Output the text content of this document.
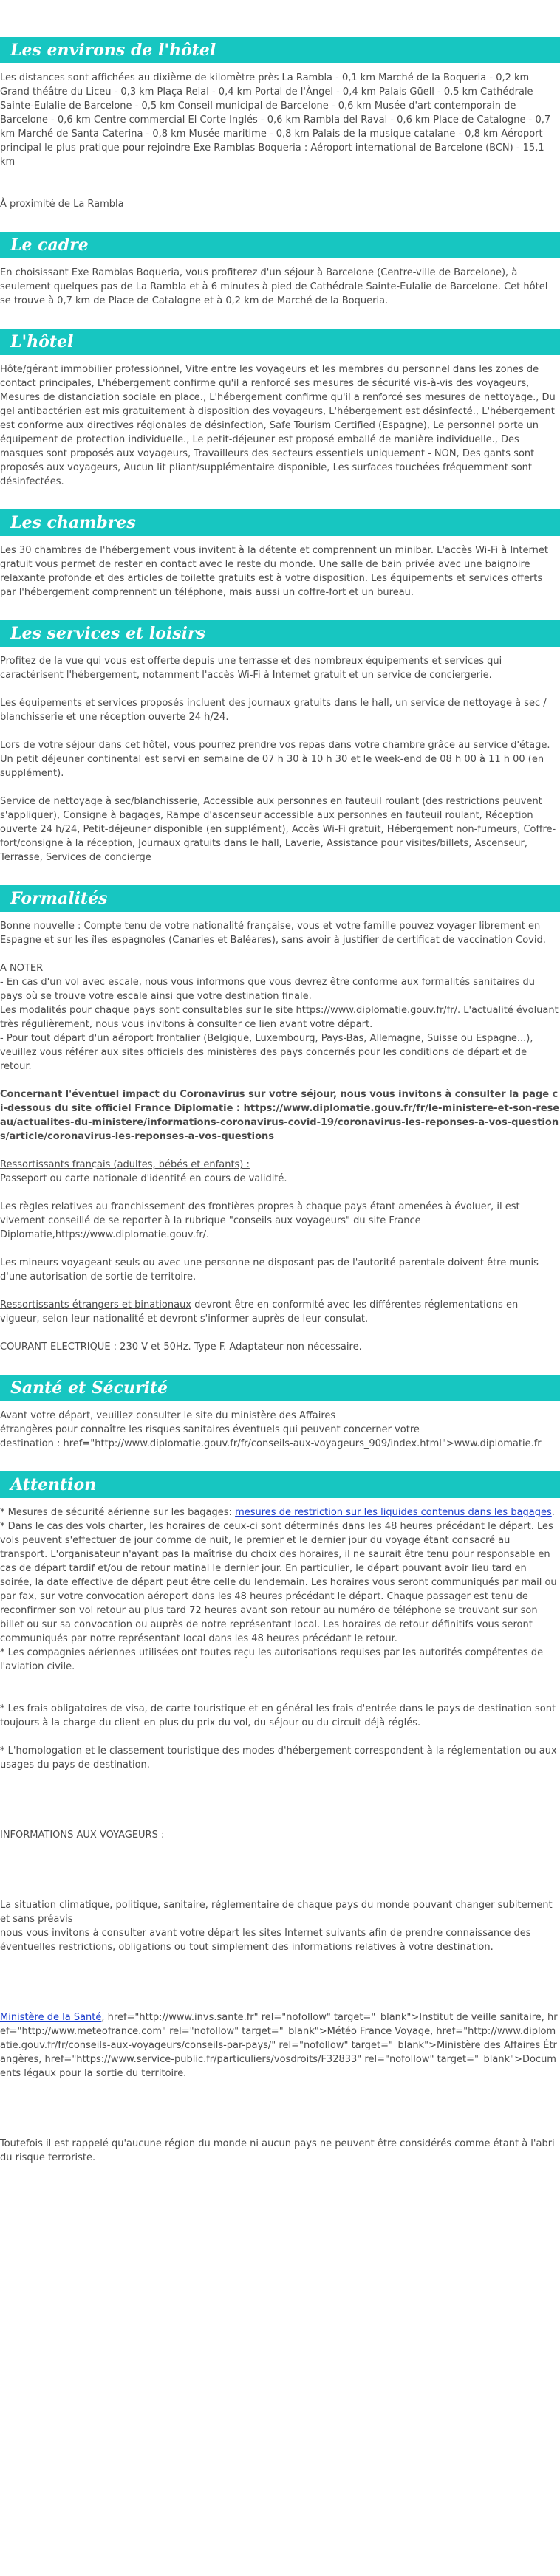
Les environs de l'hôtel

Les distances sont affichées au dixième de kilomètre près La Rambla - 0,1 km Marché de la Boqueria - 0,2 km Grand théâtre du Liceu - 0,3 km Plaça Reial - 0,4 km Portal de l'Àngel - 0,4 km Palais Güell - 0,5 km Cathédrale Sainte-Eulalie de Barcelone - 0,5 km Conseil municipal de Barcelone - 0,6 km Musée d'art contemporain de Barcelone - 0,6 km Centre commercial El Corte Inglés - 0,6 km Rambla del Raval - 0,6 km Place de Catalogne - 0,7 km Marché de Santa Caterina - 0,8 km Musée maritime - 0,8 km Palais de la musique catalane - 0,8 km Aéroport principal le plus pratique pour rejoindre Exe Ramblas Boqueria : Aéroport international de Barcelone (BCN) - 15,1 km

À proximité de La Rambla

Le cadre

En choisissant Exe Ramblas Boqueria, vous profiterez d'un séjour à Barcelone (Centre-ville de Barcelone), à seulement quelques pas de La Rambla et à 6 minutes à pied de Cathédrale Sainte-Eulalie de Barcelone. Cet hôtel se trouve à 0,7 km de Place de Catalogne et à 0,2 km de Marché de la Boqueria.

L'hôtel

Hôte/gérant immobilier professionnel, Vitre entre les voyageurs et les membres du personnel dans les zones de contact principales, L'hébergement confirme qu'il a renforcé ses mesures de sécurité vis-à-vis des voyageurs, Mesures de distanciation sociale en place., L'hébergement confirme qu'il a renforcé ses mesures de nettoyage., Du gel antibactérien est mis gratuitement à disposition des voyageurs, L'hébergement est désinfecté., L'hébergement est conforme aux directives régionales de désinfection, Safe Tourism Certified (Espagne), Le personnel porte un équipement de protection individuelle., Le petit-déjeuner est proposé emballé de manière individuelle., Des masques sont proposés aux voyageurs, Travailleurs des secteurs essentiels uniquement - NON, Des gants sont proposés aux voyageurs, Aucun lit pliant/supplémentaire disponible, Les surfaces touchées fréquemment sont désinfectées.

Les chambres

Les 30 chambres de l'hébergement vous invitent à la détente et comprennent un minibar. L'accès Wi-Fi à Internet gratuit vous permet de rester en contact avec le reste du monde. Une salle de bain privée avec une baignoire relaxante profonde et des articles de toilette gratuits est à votre disposition. Les équipements et services offerts par l'hébergement comprennent un téléphone, mais aussi un coffre-fort et un bureau.

Les services et loisirs

Profitez de la vue qui vous est offerte depuis une terrasse et des nombreux équipements et services qui caractérisent l'hébergement, notamment l'accès Wi-Fi à Internet gratuit et un service de conciergerie.

Les équipements et services proposés incluent des journaux gratuits dans le hall, un service de nettoyage à sec / blanchisserie et une réception ouverte 24 h/24.

Lors de votre séjour dans cet hôtel, vous pourrez prendre vos repas dans votre chambre grâce au service d'étage. Un petit déjeuner continental est servi en semaine de 07 h 30 à 10 h 30 et le week-end de 08 h 00 à 11 h 00 (en supplément).

Service de nettoyage à sec/blanchisserie, Accessible aux personnes en fauteuil roulant (des restrictions peuvent s'appliquer), Consigne à bagages, Rampe d'ascenseur accessible aux personnes en fauteuil roulant, Réception ouverte 24 h/24, Petit-déjeuner disponible (en supplément), Accès Wi-Fi gratuit, Hébergement non-fumeurs, Coffre-fort/consigne à la réception, Journaux gratuits dans le hall, Laverie, Assistance pour visites/billets, Ascenseur, Terrasse, Services de concierge

Formalités

Bonne nouvelle : Compte tenu de votre nationalité française, vous et votre famille pouvez voyager librement en Espagne et sur les îles espagnoles (Canaries et Baléares), sans avoir à justifier de certificat de vaccination Covid.

A NOTER

- En cas d'un vol avec escale, nous vous informons que vous devrez être conforme aux formalités sanitaires du pays où se trouve votre escale ainsi que votre destination finale.

Les modalités pour chaque pays sont consultables sur le site https://www.diplomatie.gouv.fr/fr/. L'actualité évoluant très régulièrement, nous vous invitons à consulter ce lien avant votre départ.

- Pour tout départ d'un aéroport frontalier (Belgique, Luxembourg, Pays-Bas, Allemagne, Suisse ou Espagne...), veuillez vous référer aux sites officiels des ministères des pays concernés pour les conditions de départ et de retour.

Concernant l'éventuel impact du Coronavirus sur votre séjour, nous vous invitons à consulter la page ci-dessous du site officiel France Diplomatie : https://www.diplomatie.gouv.fr/fr/le-ministere-et-son-reseau/actualites-du-ministere/informations-coronavirus-covid-19/coronavirus-les-reponses-a-vos-questions/article/coronavirus-les-reponses-a-vos-questions

Ressortissants français (adultes, bébés et enfants) :

Passeport ou carte nationale d'identité en cours de validité.

Les règles relatives au franchissement des frontières propres à chaque pays étant amenées à évoluer, il est vivement conseillé de se reporter à la rubrique "conseils aux voyageurs" du site France Diplomatie,https://www.diplomatie.gouv.fr/.

Les mineurs voyageant seuls ou avec une personne ne disposant pas de l'autorité parentale doivent être munis d'une autorisation de sortie de territoire.

Ressortissants étrangers et binationaux devront être en conformité avec les différentes réglementations en vigueur, selon leur nationalité et devront s'informer auprès de leur consulat.

COURANT ELECTRIQUE : 230 V et 50Hz. Type F. Adaptateur non nécessaire.

Santé et Sécurité

Avant votre départ, veuillez consulter le site du ministère des Affaires

étrangères pour connaître les risques sanitaires éventuels qui peuvent concerner votre

destination : href="http://www.diplomatie.gouv.fr/fr/conseils-aux-voyageurs_909/index.html">www.diplomatie.fr

Attention

* Mesures de sécurité aérienne sur les bagages: mesures de restriction sur les liquides contenus dans les bagages.

* Dans le cas des vols charter, les horaires de ceux-ci sont déterminés dans les 48 heures précédant le départ. Les vols peuvent s'effectuer de jour comme de nuit, le premier et le dernier jour du voyage étant consacré au transport. L'organisateur n'ayant pas la maîtrise du choix des horaires, il ne saurait être tenu pour responsable en cas de départ tardif et/ou de retour matinal le dernier jour. En particulier, le départ pouvant avoir lieu tard en soirée, la date effective de départ peut être celle du lendemain. Les horaires vous seront communiqués par mail ou par fax, sur votre convocation aéroport dans les 48 heures précédant le départ. Chaque passager est tenu de reconfirmer son vol retour au plus tard 72 heures avant son retour au numéro de téléphone se trouvant sur son billet ou sur sa convocation ou auprès de notre représentant local. Les horaires de retour définitifs vous seront communiqués par notre représentant local dans les 48 heures précédant le retour.

* Les compagnies aériennes utilisées ont toutes reçu les autorisations requises par les autorités compétentes de l'aviation civile.

* Les frais obligatoires de visa, de carte touristique et en général les frais d'entrée dans le pays de destination sont toujours à la charge du client en plus du prix du vol, du séjour ou du circuit déjà réglés.

* L'homologation et le classement touristique des modes d'hébergement correspondent à la réglementation ou aux usages du pays de destination.

INFORMATIONS AUX VOYAGEURS :

La situation climatique, politique, sanitaire, réglementaire de chaque pays du monde pouvant changer subitement et sans préavis

nous vous invitons à consulter avant votre départ les sites Internet suivants afin de prendre connaissance des éventuelles restrictions, obligations ou tout simplement des informations relatives à votre destination.

Ministère de la Santé, href="http://www.invs.sante.fr" rel="nofollow" target="_blank">Institut de veille sanitaire, href="http://www.meteofrance.com" rel="nofollow" target="_blank">Météo France Voyage, href="http://www.diplomatie.gouv.fr/fr/conseils-aux-voyageurs/conseils-par-pays/" rel="nofollow" target="_blank">Ministère des Affaires Étrangères, href="https://www.service-public.fr/particuliers/vosdroits/F32833" rel="nofollow" target="_blank">Documents légaux pour la sortie du territoire.

Toutefois il est rappelé qu'aucune région du monde ni aucun pays ne peuvent être considérés comme étant à l'abri du risque terroriste.
